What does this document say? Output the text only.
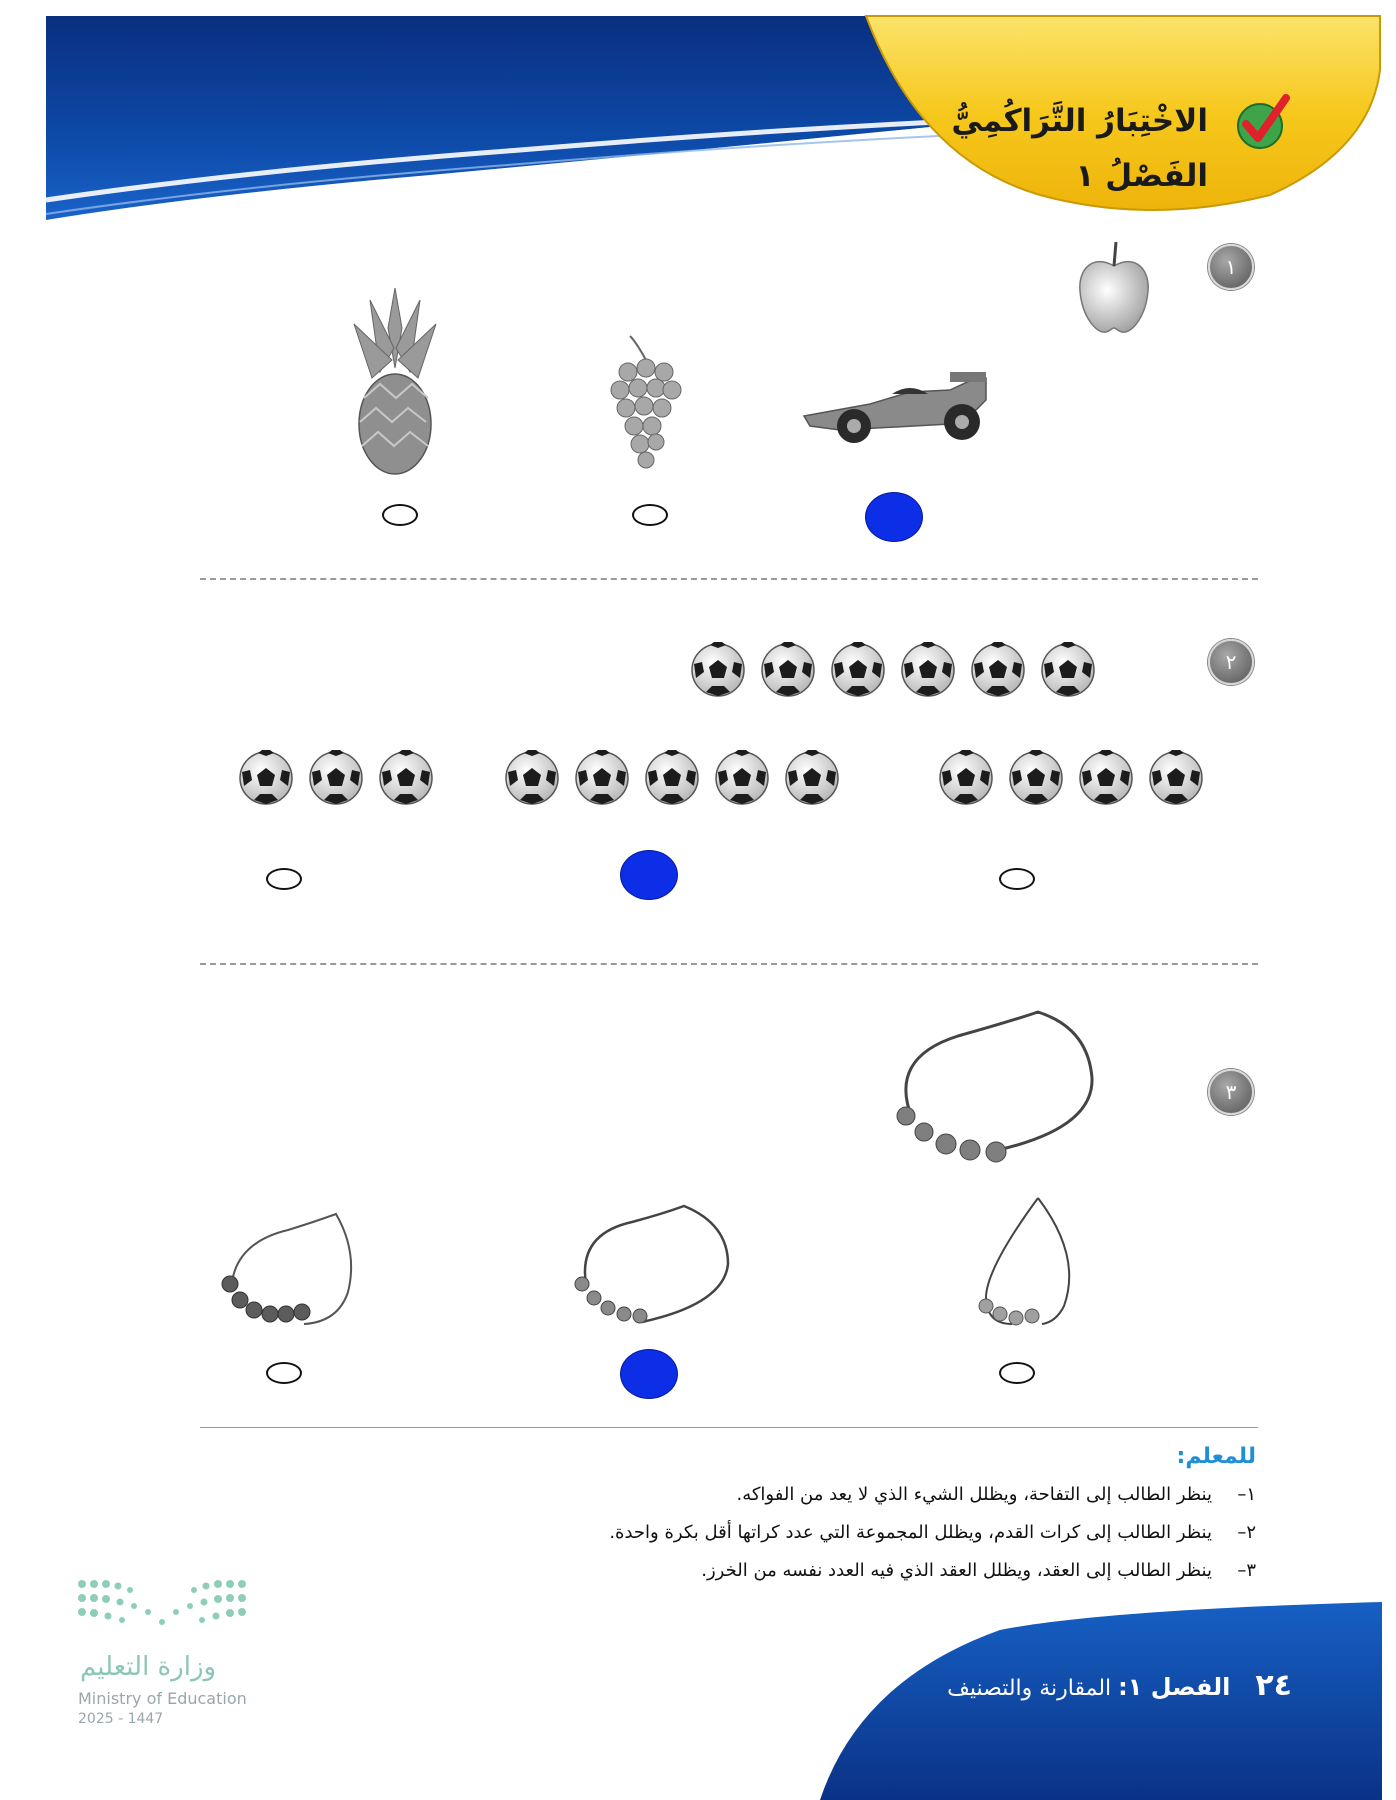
الاخْتِبَارُ التَّرَاكُمِيُّ
الفَصْلُ ١
١
٢
٣
للمعلم:
١–ينظر الطالب إلى التفاحة، ويظلل الشيء الذي لا يعد من الفواكه.
٢–ينظر الطالب إلى كرات القدم، ويظلل المجموعة التي عدد كراتها أقل بكرة واحدة.
٣–ينظر الطالب إلى العقد، ويظلل العقد الذي فيه العدد نفسه من الخرز.
٢٤ الفصل ١: المقارنة والتصنيف
وزارة التعليم
Ministry of Education
2025 - 1447
